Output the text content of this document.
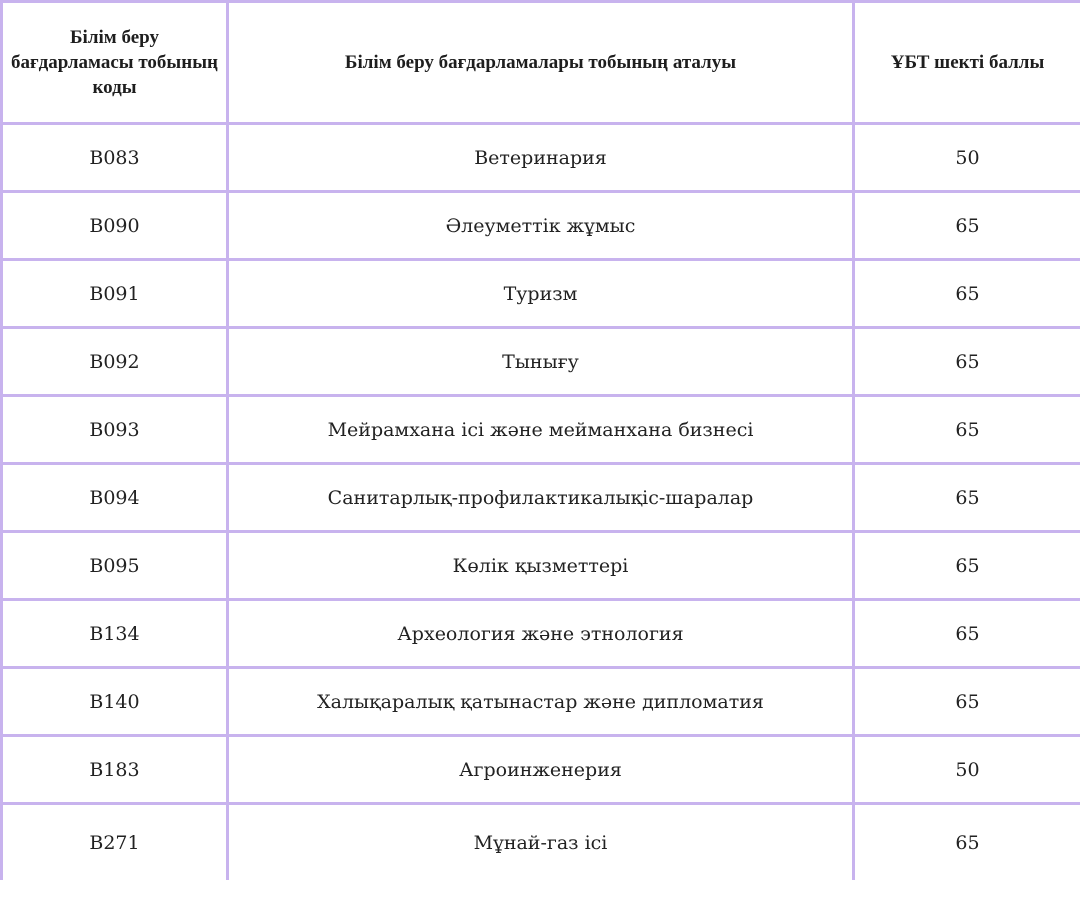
Білім беру бағдарламасы тобының коды	Білім беру бағдарламалары тобының аталуы	ҰБТ шекті баллы
B083	Ветеринария	50
B090	Әлеуметтік жұмыс	65
B091	Туризм	65
B092	Тынығу	65
B093	Мейрамхана ісі және мейманхана бизнесі	65
B094	Санитарлық-профилактикалықіс-шаралар	65
B095	Көлік қызметтері	65
B134	Археология және этнология	65
B140	Халықаралық қатынастар және дипломатия	65
B183	Агроинженерия	50
B271	Мұнай-газ ісі	65
